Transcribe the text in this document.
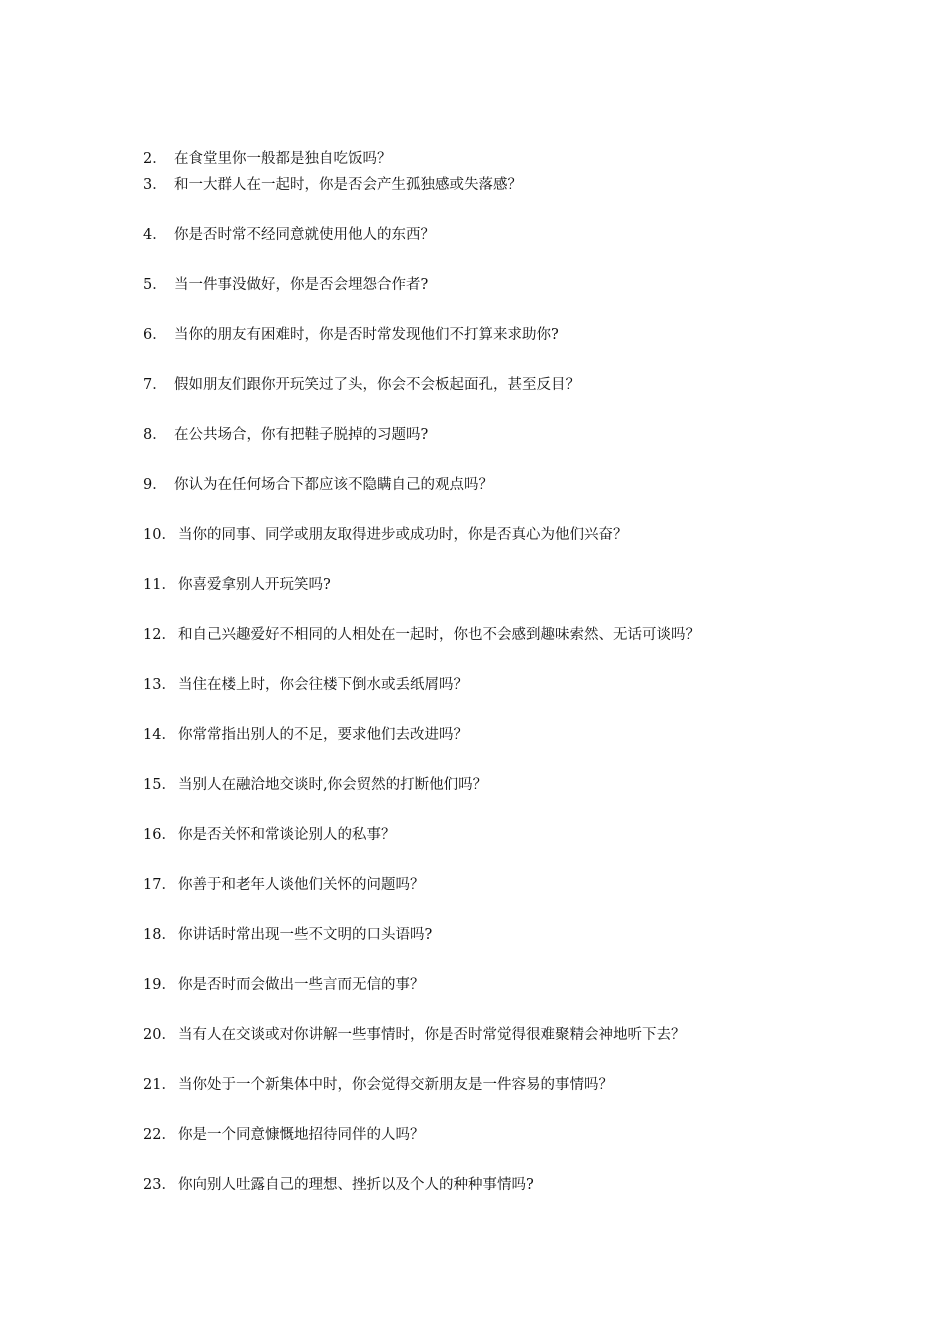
2． 在食堂里你一般都是独自吃饭吗？
3． 和一大群人在一起时，你是否会产生孤独感或失落感？
4． 你是否时常不经同意就使用他人的东西？
5． 当一件事没做好，你是否会埋怨合作者?
6． 当你的朋友有困难时，你是否时常发现他们不打算来求助你?
7． 假如朋友们跟你开玩笑过了头，你会不会板起面孔，甚至反目？
8． 在公共场合，你有把鞋子脱掉的习题吗?
9． 你认为在任何场合下都应该不隐瞒自己的观点吗？
10． 当你的同事、同学或朋友取得进步或成功时，你是否真心为他们兴奋？
11． 你喜爱拿别人开玩笑吗?
12． 和自己兴趣爱好不相同的人相处在一起时，你也不会感到趣味索然、无话可谈吗？
13． 当住在楼上时，你会往楼下倒水或丢纸屑吗？
14． 你常常指出别人的不足，要求他们去改进吗？
15． 当别人在融洽地交谈时,你会贸然的打断他们吗？
16． 你是否关怀和常谈论别人的私事？
17． 你善于和老年人谈他们关怀的问题吗？
18． 你讲话时常出现一些不文明的口头语吗?
19． 你是否时而会做出一些言而无信的事？
20． 当有人在交谈或对你讲解一些事情时，你是否时常觉得很难聚精会神地听下去？
21． 当你处于一个新集体中时，你会觉得交新朋友是一件容易的事情吗？
22． 你是一个同意慷慨地招待同伴的人吗？
23． 你向别人吐露自己的理想、挫折以及个人的种种事情吗?
